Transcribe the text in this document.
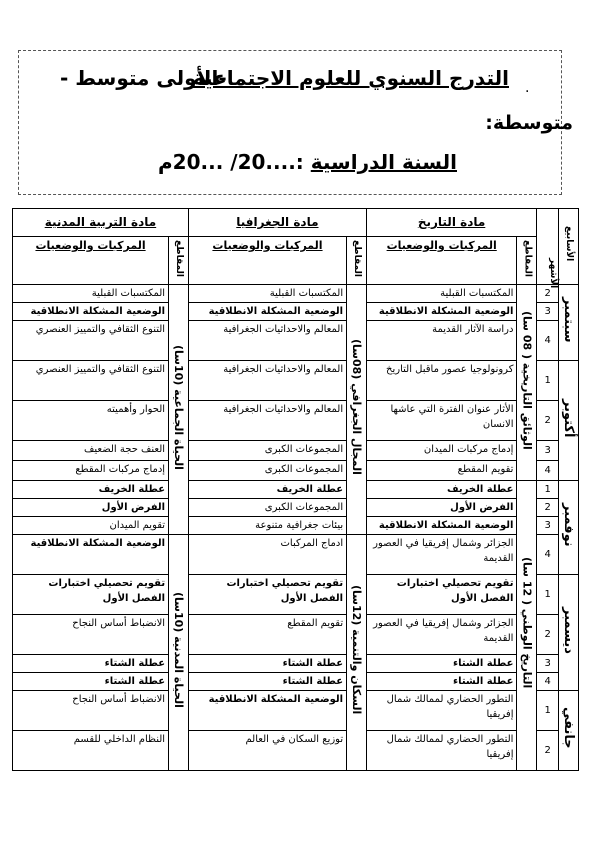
.
التدرج السنوي للعلوم الاجتماعية
-الأولى متوسط -
متوسطة:
السنة الدراسية :....20/ ...20م
الأسابيع		مادة التاريخ		مادة الجغرافيا		مادة التربية المدنية	
		المقاطع	المركبات والوضعيات	المقاطع	المركبات والوضعيات	المقاطع	المركبات والوضعيات
سبتمبر	2	الوثائق التاريخية ( 08 سا)	المكتسبات القبلية	المجال الجغرافي (08سا)	المكتسبات القبلية	الحياة الجماعية (10سا)	المكتسبات القبلية
	3		الوضعية المشكلة الانطلاقية		الوضعية المشكلة الانطلاقية		الوضعية المشكلة الانطلاقية
	4		دراسة الآثار القديمة		المعالم والاحداثيات الجغرافية		التنوع الثقافي والتمييز العنصري
أكتوبر	1		كرونولوجيا عصور ماقبل التاريخ		المعالم والاحداثيات الجغرافية		التنوع الثقافي والتمييز العنصري
	2		الأثار عنوان الفترة التي عاشها الانسان		المعالم والاحداثيات الجغرافية		الحوار وأهميته
	3		إدماج مركبات الميدان		المجموعات الكبرى		العنف حجة الضعيف
	4		تقويم المقطع		المجموعات الكبرى		إدماج مركبات المقطع
نوفمبر	1	التاريخ الوطني ( 12 سا)	عطلة الخريف		عطلة الخريف		عطلة الخريف
	2		الفرض الأول		المجموعات الكبرى		الفرض الأول
	3		الوضعية المشكلة الانطلاقية		بيئات جغرافية متنوعة		تقويم الميدان
	4		الجزائر وشمال إفريقيا في العصور القديمة	السكان والتنمية (12سا)	ادماج المركبات	الحياة المدنية (10سا)	الوضعية المشكلة الانطلاقية
ديسمبر	1		تقويم تحصيلي اختبارات الفصل الأول		تقويم تحصيلي اختبارات الفصل الأول		تقويم تحصيلي اختبارات الفصل الأول
	2		الجزائر وشمال إفريقيا في العصور القديمة		تقويم المقطع		الانضباط أساس النجاح
	3		عطلة الشتاء		عطلة الشتاء		عطلة الشتاء
	4		عطلة الشتاء		عطلة الشتاء		عطلة الشتاء
جانفي	1		التطور الحضاري لممالك شمال إفريقيا		الوضعية المشكلة الانطلاقية		الانضباط أساس النجاح
	2		التطور الحضاري لممالك شمال إفريقيا		توزيع السكان في العالم		النظام الداخلي للقسم
الأشهر
